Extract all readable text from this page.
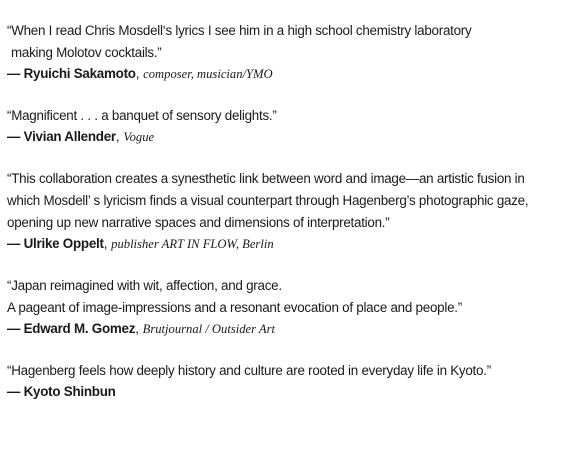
“When I read Chris Mosdell‘s lyrics I see him in a high school chemistry laboratory
making Molotov cocktails.”
— Ryuichi Sakamoto, composer, musician/YMO
“Magnificent . . . a banquet of sensory delights.”
— Vivian Allender, Vogue
“This collaboration creates a synesthetic link between word and image—an artistic fusion in
which Mosdell’ s lyricism finds a visual counterpart through Hagenberg’s photographic gaze,
opening up new narrative spaces and dimensions of interpretation.”
— Ulrike Oppelt, publisher ART IN FLOW, Berlin
“Japan reimagined with wit, affection, and grace.
A pageant of image-impressions and a resonant evocation of place and people.”
— Edward M. Gomez, Brutjournal / Outsider Art
“Hagenberg feels how deeply history and culture are rooted in everyday life in Kyoto.”
— Kyoto Shinbun
